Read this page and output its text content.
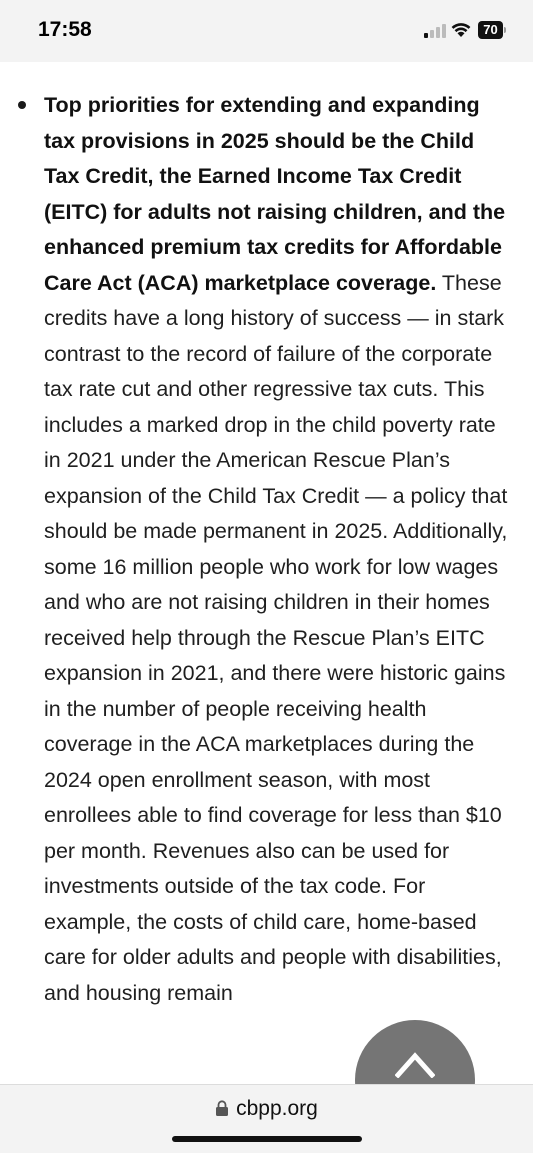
17:58	70

Top priorities for extending and expanding tax provisions in 2025 should be the Child Tax Credit, the Earned Income Tax Credit (EITC) for adults not raising children, and the enhanced premium tax credits for Affordable Care Act (ACA) marketplace coverage. These credits have a long history of success — in stark contrast to the record of failure of the corporate tax rate cut and other regressive tax cuts. This includes a marked drop in the child poverty rate in 2021 under the American Rescue Plan’s expansion of the Child Tax Credit — a policy that should be made permanent in 2025. Additionally, some 16 million people who work for low wages and who are not raising children in their homes received help through the Rescue Plan’s EITC expansion in 2021, and there were historic gains in the number of people receiving health coverage in the ACA marketplaces during the 2024 open enrollment season, with most enrollees able to find coverage for less than $10 per month. Revenues also can be used for investments outside of the tax code. For example, the costs of child care, home-based care for older adults and people with disabilities, and housing remain

cbpp.org
